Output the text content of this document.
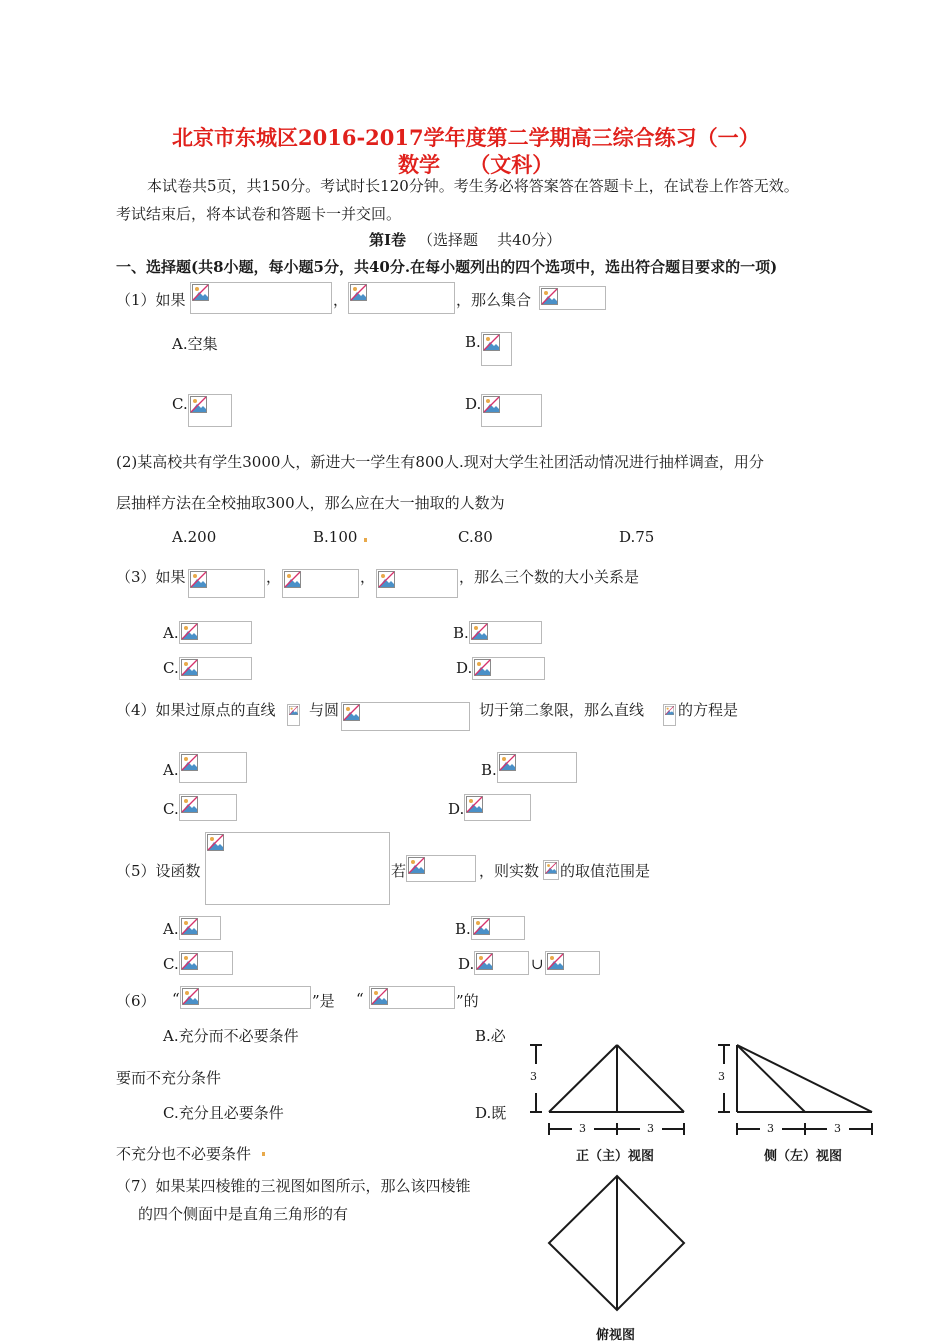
北京市东城区2016-2017学年度第二学期高三综合练习（一）
数学    （文科）
本试卷共5页，共150分。考试时长120分钟。考生务必将答案答在答题卡上，在试卷上作答无效。
考试结束后，将本试卷和答题卡一并交回。
第Ⅰ卷 （选择题    共40分）
一、选择题(共8小题，每小题5分，共40分.在每小题列出的四个选项中，选出符合题目要求的一项)
（1）如果	，	，那么集合
A.空集	B.
C.	D.
(2)某高校共有学生3000人，新进大一学生有800人.现对大学生社团活动情况进行抽样调查，用分
层抽样方法在全校抽取300人，那么应在大一抽取的人数为
A.200	B.100	C.80	D.75
（3）如果	，	，	，那么三个数的大小关系是
A.	B.
C.	D.
（4）如果过原点的直线 与圆	切于第二象限，那么直线 的方程是
A.	B.
C.	D.
（5）设函数	若	，则实数 的取值范围是
A.	B.
C.	D.	∪
（6） “	”是 “	”的
A.充分而不必要条件	B.必
要而不充分条件
C.充分且必要条件	D.既
不充分也不必要条件
（7）如果某四棱锥的三视图如图所示，那么该四棱锥
的四个侧面中是直角三角形的有
3
3	3
3
3	3
正（主）视图	侧（左）视图
俯视图
